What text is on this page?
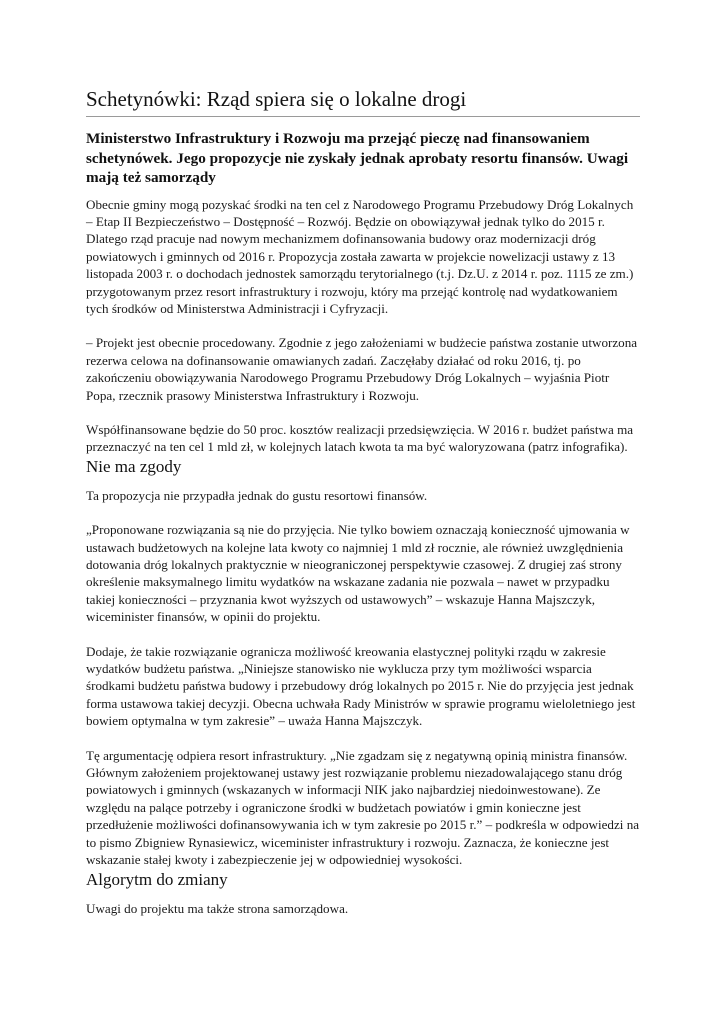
Schetynówki: Rząd spiera się o lokalne drogi
Ministerstwo Infrastruktury i Rozwoju ma przejąć pieczę nad finansowaniem schetynówek. Jego propozycje nie zyskały jednak aprobaty resortu finansów. Uwagi mają też samorządy

Obecnie gminy mogą pozyskać środki na ten cel z Narodowego Programu Przebudowy Dróg Lokalnych – Etap II Bezpieczeństwo – Dostępność – Rozwój. Będzie on obowiązywał jednak tylko do 2015 r. Dlatego rząd pracuje nad nowym mechanizmem dofinansowania budowy oraz modernizacji dróg powiatowych i gminnych od 2016 r. Propozycja została zawarta w projekcie nowelizacji ustawy z 13 listopada 2003 r. o dochodach jednostek samorządu terytorialnego (t.j. Dz.U. z 2014 r. poz. 1115 ze zm.) przygotowanym przez resort infrastruktury i rozwoju, który ma przejąć kontrolę nad wydatkowaniem tych środków od Ministerstwa Administracji i Cyfryzacji.

– Projekt jest obecnie procedowany. Zgodnie z jego założeniami w budżecie państwa zostanie utworzona rezerwa celowa na dofinansowanie omawianych zadań. Zaczęłaby działać od roku 2016, tj. po zakończeniu obowiązywania Narodowego Programu Przebudowy Dróg Lokalnych – wyjaśnia Piotr Popa, rzecznik prasowy Ministerstwa Infrastruktury i Rozwoju.

Współfinansowane będzie do 50 proc. kosztów realizacji przedsięwzięcia. W 2016 r. budżet państwa ma przeznaczyć na ten cel 1 mld zł, w kolejnych latach kwota ta ma być waloryzowana (patrz infografika).

Nie ma zgody

Ta propozycja nie przypadła jednak do gustu resortowi finansów.

„Proponowane rozwiązania są nie do przyjęcia. Nie tylko bowiem oznaczają konieczność ujmowania w ustawach budżetowych na kolejne lata kwoty co najmniej 1 mld zł rocznie, ale również uwzględnienia dotowania dróg lokalnych praktycznie w nieograniczonej perspektywie czasowej. Z drugiej zaś strony określenie maksymalnego limitu wydatków na wskazane zadania nie pozwala – nawet w przypadku takiej konieczności – przyznania kwot wyższych od ustawowych” – wskazuje Hanna Majszczyk, wiceminister finansów, w opinii do projektu.

Dodaje, że takie rozwiązanie ogranicza możliwość kreowania elastycznej polityki rządu w zakresie wydatków budżetu państwa. „Niniejsze stanowisko nie wyklucza przy tym możliwości wsparcia środkami budżetu państwa budowy i przebudowy dróg lokalnych po 2015 r. Nie do przyjęcia jest jednak forma ustawowa takiej decyzji. Obecna uchwała Rady Ministrów w sprawie programu wieloletniego jest bowiem optymalna w tym zakresie” – uważa Hanna Majszczyk.

Tę argumentację odpiera resort infrastruktury. „Nie zgadzam się z negatywną opinią ministra finansów. Głównym założeniem projektowanej ustawy jest rozwiązanie problemu niezadowalającego stanu dróg powiatowych i gminnych (wskazanych w informacji NIK jako najbardziej niedoinwestowane). Ze względu na palące potrzeby i ograniczone środki w budżetach powiatów i gmin konieczne jest przedłużenie możliwości dofinansowywania ich w tym zakresie po 2015 r.” – podkreśla w odpowiedzi na to pismo Zbigniew Rynasiewicz, wiceminister infrastruktury i rozwoju. Zaznacza, że konieczne jest wskazanie stałej kwoty i zabezpieczenie jej w odpowiedniej wysokości.

Algorytm do zmiany

Uwagi do projektu ma także strona samorządowa.
